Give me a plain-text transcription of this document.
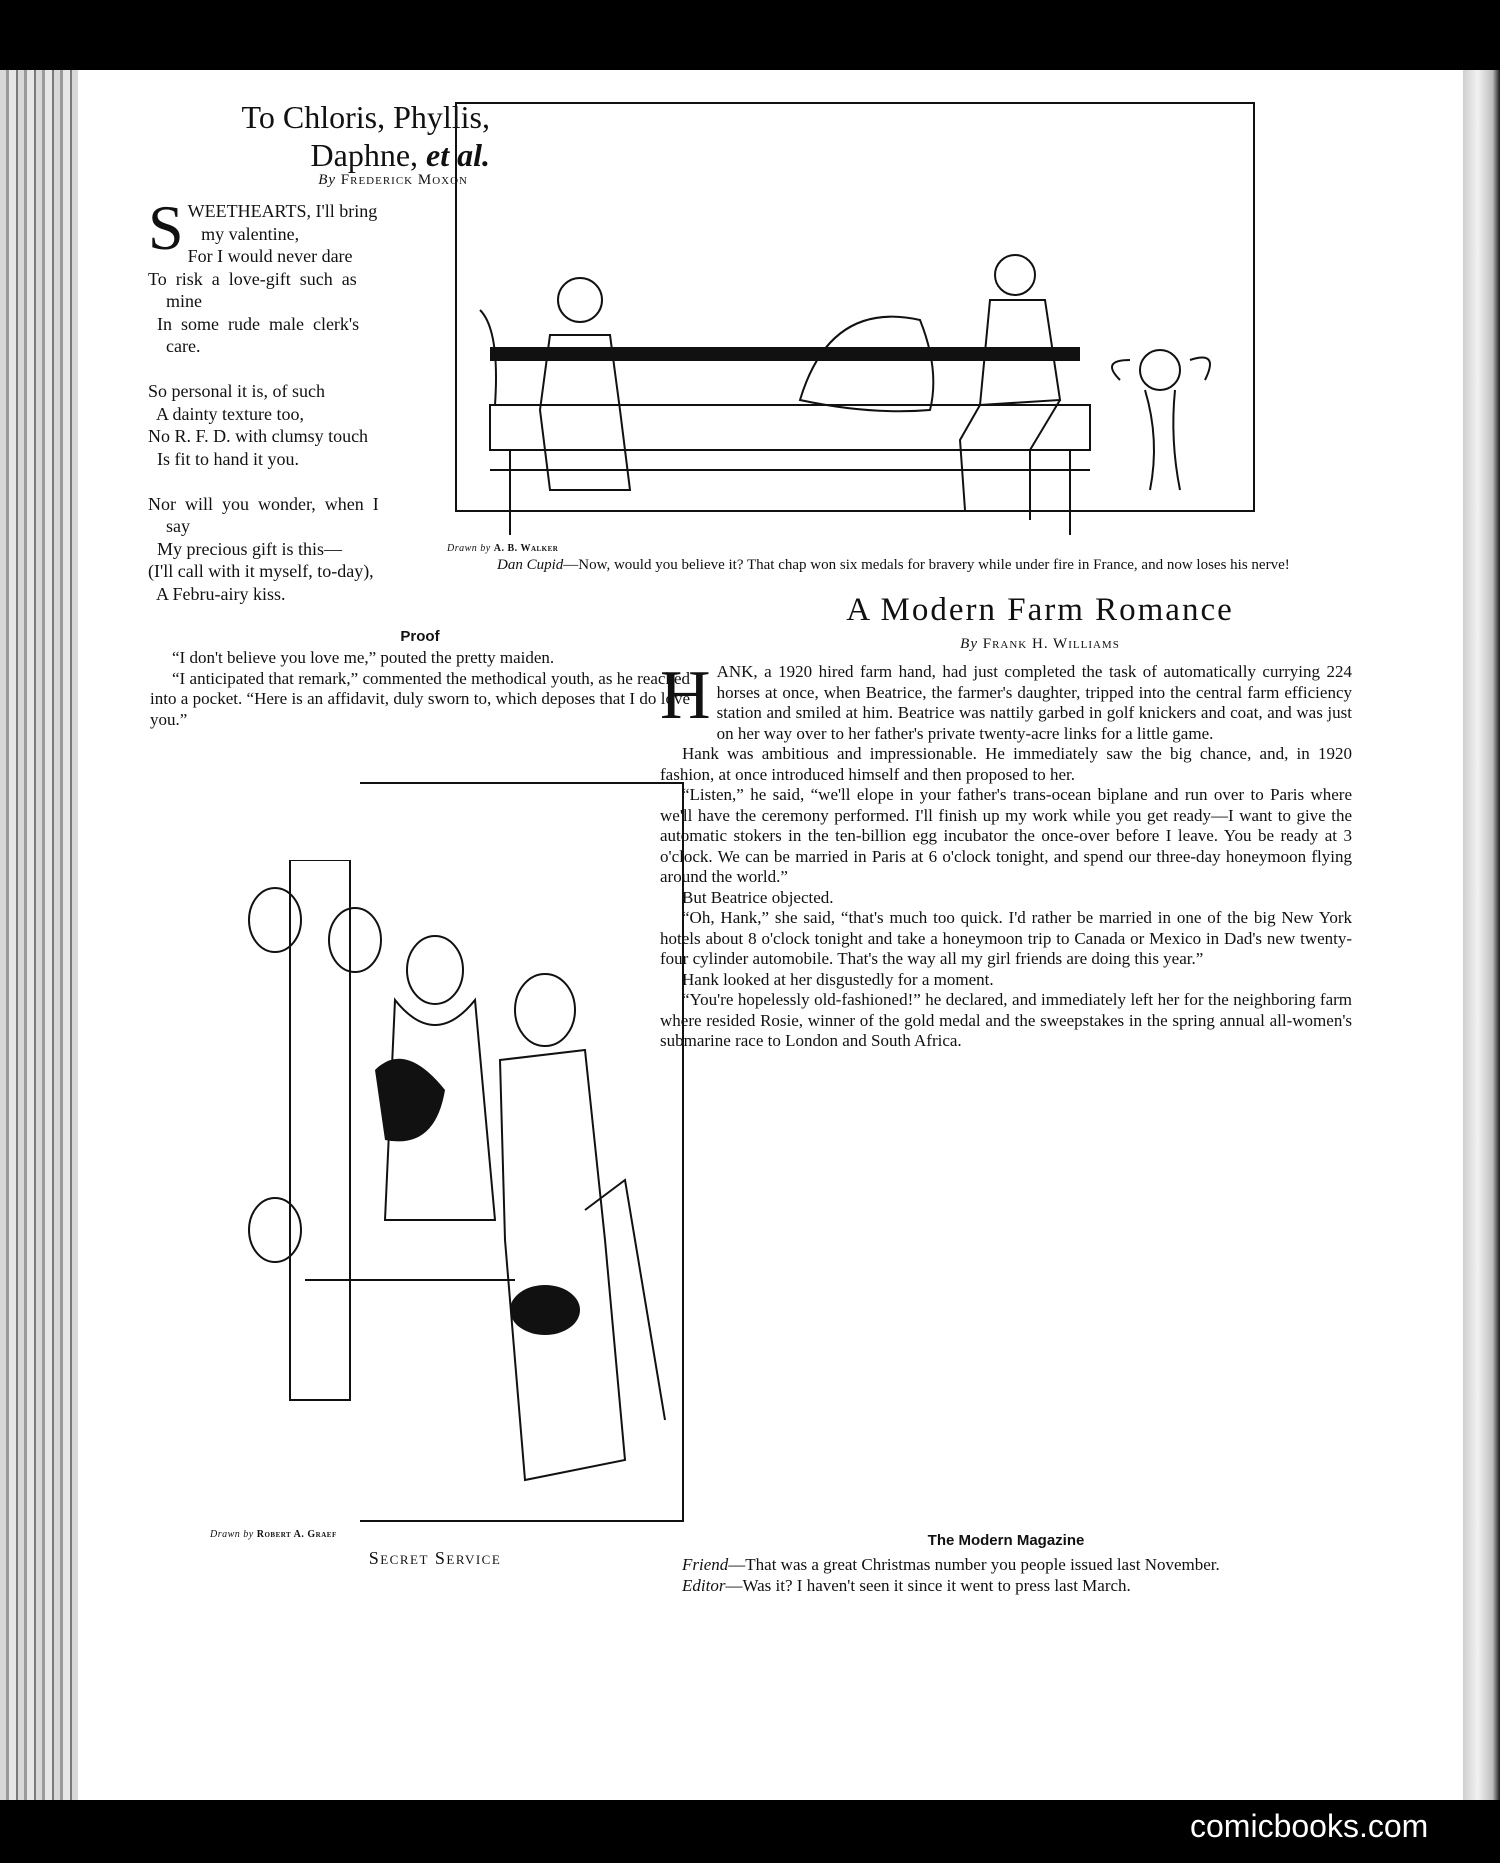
To Chloris, Phyllis,
Daphne, et al.
By Frederick Moxon
S WEETHEARTS, I'll bring
my valentine,
For I would never dare
To  risk  a  love-gift  such  as
mine
In  some  rude  male  clerk's
care.
So personal it is, of such
A dainty texture too,
No R. F. D. with clumsy touch
Is fit to hand it you.
Nor  will  you  wonder,  when  I
say
My precious gift is this—
(I'll call with it myself, to-day),
A Febru-airy kiss.
Drawn by A. B. Walker
Dan Cupid—Now, would you believe it? That chap won six medals for bravery while under fire in France, and now loses his nerve!
Proof

“I don't believe you love me,” pouted the pretty maiden.

“I anticipated that remark,” commented the methodical youth, as he reached into a pocket. “Here is an affidavit, duly sworn to, which deposes that I do love you.”

Drawn by Robert A. Graef
Secret Service
A Modern Farm Romance
By Frank H. Williams

HANK, a 1920 hired farm hand, had just completed the task of automatically currying 224 horses at once, when Beatrice, the farmer's daughter, tripped into the central farm efficiency station and smiled at him. Beatrice was nattily garbed in golf knickers and coat, and was just on her way over to her father's private twenty-acre links for a little game.

Hank was ambitious and impressionable. He immediately saw the big chance, and, in 1920 fashion, at once introduced himself and then proposed to her.

“Listen,” he said, “we'll elope in your father's trans-ocean biplane and run over to Paris where we'll have the ceremony performed. I'll finish up my work while you get ready—I want to give the automatic stokers in the ten-billion egg incubator the once-over before I leave. You be ready at 3 o'clock. We can be married in Paris at 6 o'clock tonight, and spend our three-day honeymoon flying around the world.”

But Beatrice objected.

“Oh, Hank,” she said, “that's much too quick. I'd rather be married in one of the big New York hotels about 8 o'clock tonight and take a honeymoon trip to Canada or Mexico in Dad's new twenty-four cylinder automobile. That's the way all my girl friends are doing this year.”

Hank looked at her disgustedly for a moment.

“You're hopelessly old-fashioned!” he declared, and immediately left her for the neighboring farm where resided Rosie, winner of the gold medal and the sweepstakes in the spring annual all-women's submarine race to London and South Africa.

The Modern Magazine

Friend—That was a great Christmas number you people issued last November.

Editor—Was it? I haven't seen it since it went to press last March.

comicbooks.com
